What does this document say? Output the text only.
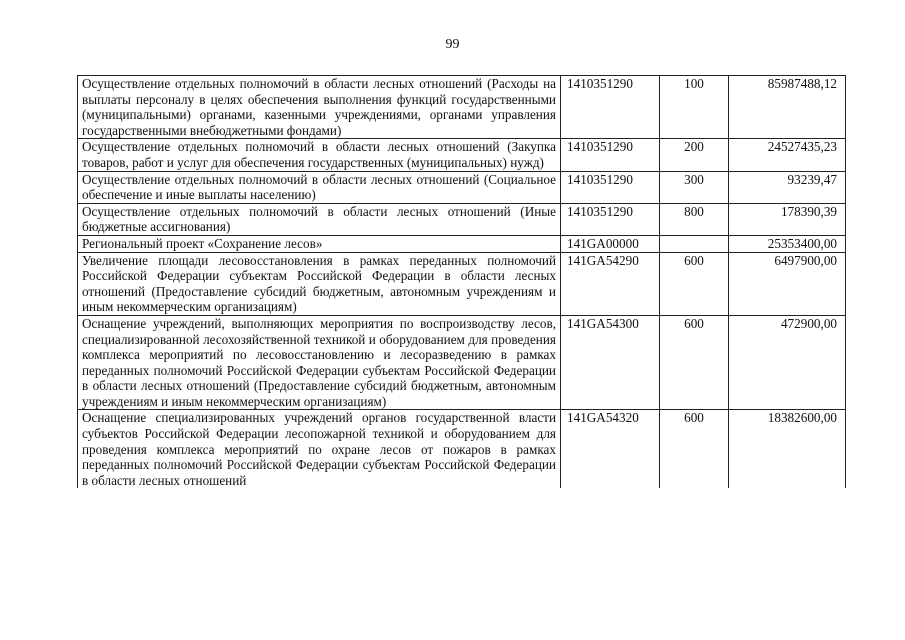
99
Осуществление отдельных полномочий в области лесных отношений (Расходы на выплаты персоналу в целях обеспечения выполнения функций государственными (муниципальными) органами, казенными учреждениями, органами управления государственными внебюджетными фондами)	1410351290	100	85987488,12
Осуществление отдельных полномочий в области лесных отношений (Закупка товаров, работ и услуг для обеспечения государственных (муниципальных) нужд)	1410351290	200	24527435,23
Осуществление отдельных полномочий в области лесных отношений (Социальное обеспечение и иные выплаты населению)	1410351290	300	93239,47
Осуществление отдельных полномочий в области лесных отношений (Иные бюджетные ассигнования)	1410351290	800	178390,39
Региональный проект «Сохранение лесов»	141GA00000		25353400,00
Увеличение площади лесовосстановления в рамках переданных полномочий Российской Федерации субъектам Российской Федерации в области лесных отношений (Предоставление субсидий бюджетным, автономным учреждениям и иным некоммерческим организациям)	141GA54290	600	6497900,00
Оснащение учреждений, выполняющих мероприятия по воспроизводству лесов, специализированной лесохозяйственной техникой и оборудованием для проведения комплекса мероприятий по лесовосстановлению и лесоразведению в рамках переданных полномочий Российской Федерации субъектам Российской Федерации в области лесных отношений (Предоставление субсидий бюджетным, автономным учреждениям и иным некоммерческим организациям)	141GA54300	600	472900,00

Оснащение специализированных учреждений органов государственной власти субъектов Российской Федерации лесопожарной техникой и оборудованием для проведения комплекса мероприятий по охране лесов от пожаров в рамках переданных полномочий Российской Федерации субъектам Российской Федерации в области лесных отношений	141GA54320	600	18382600,00
